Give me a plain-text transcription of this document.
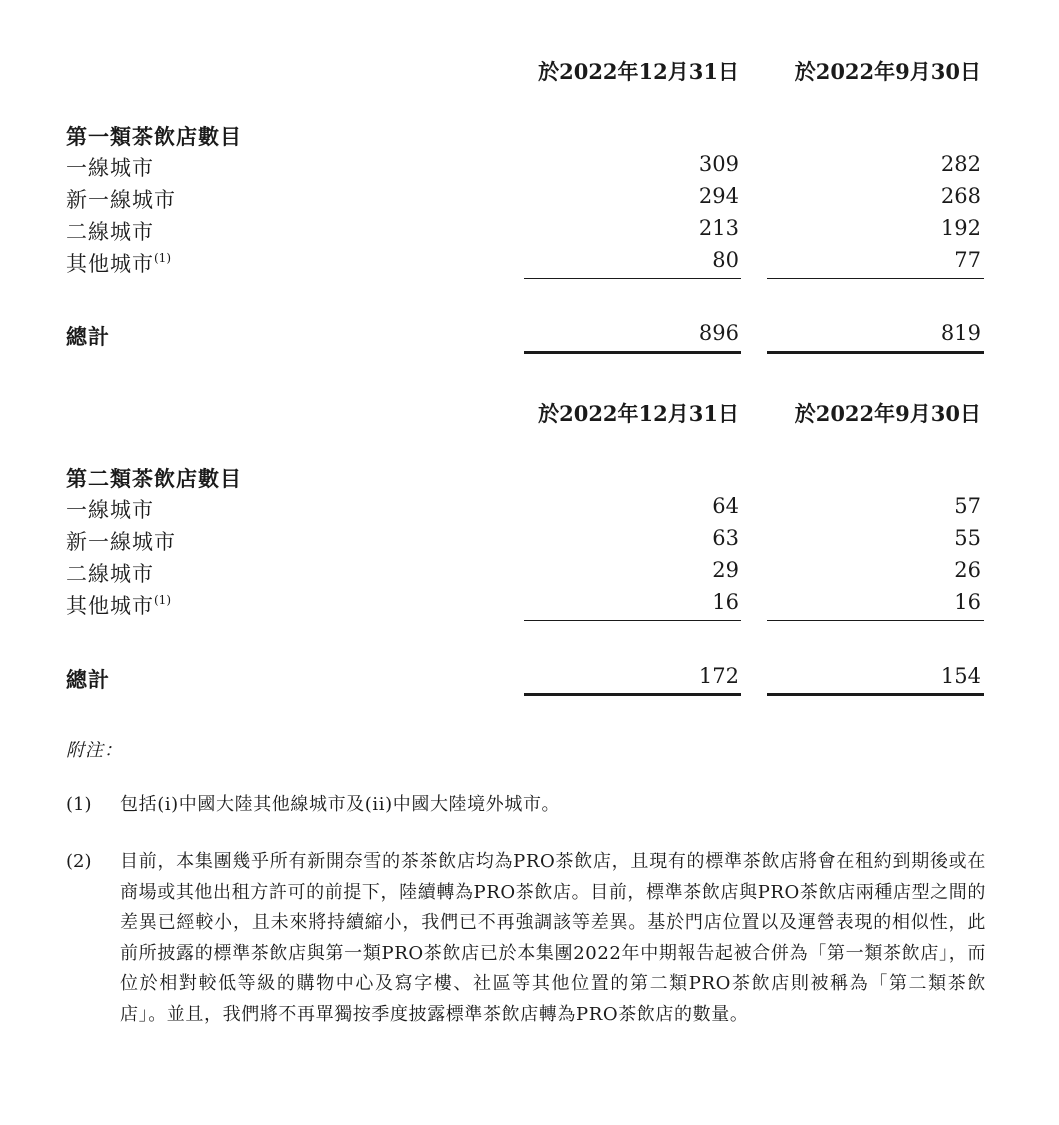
於2022年12月31日	於2022年9月30日
第一類茶飲店數目
一線城市	309	282
新一線城市	294	268
二線城市	213	192
其他城市$^{(1)}$	80	77
總計	896	819
於2022年12月31日	於2022年9月30日
第二類茶飲店數目
一線城市	64	57
新一線城市	63	55
二線城市	29	26
其他城市$^{(1)}$	16	16
總計	172	154
附注：
(1) 包括(i)中國大陸其他線城市及(ii)中國大陸境外城市。
(2) 目前，本集團幾乎所有新開奈雪的茶茶飲店均為PRO茶飲店，且現有的標準茶飲店將會在租約到期後或在商場或其他出租方許可的前提下，陸續轉為PRO茶飲店。目前，標準茶飲店與PRO茶飲店兩種店型之間的差異已經較小，且未來將持續縮小，我們已不再強調該等差異。基於門店位置以及運營表現的相似性，此前所披露的標準茶飲店與第一類PRO茶飲店已於本集團2022年中期報告起被合併為「第一類茶飲店」，而位於相對較低等級的購物中心及寫字樓、社區等其他位置的第二類PRO茶飲店則被稱為「第二類茶飲店」。並且，我們將不再單獨按季度披露標準茶飲店轉為PRO茶飲店的數量。
